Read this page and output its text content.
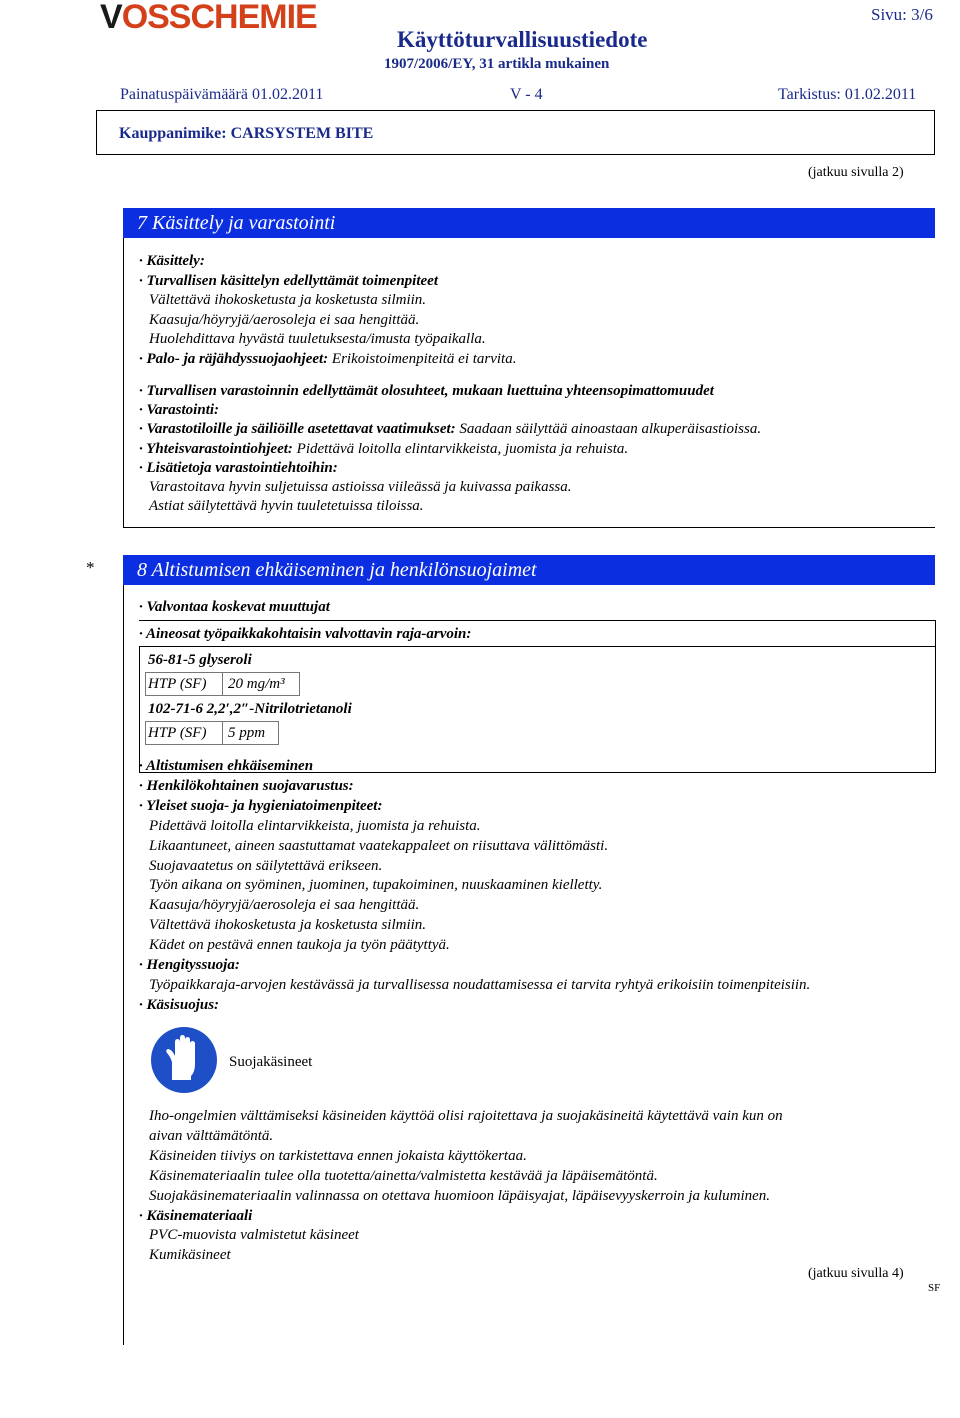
VOSSCHEMIE
Käyttöturvallisuustiedote
1907/2006/EY, 31 artikla mukainen
Sivu: 3/6
Painatuspäivämäärä 01.02.2011	V - 4	Tarkistus: 01.02.2011
Kauppanimike: CARSYSTEM BITE
(jatkuu sivulla 2)
7 Käsittely ja varastointi
· Käsittely:
· Turvallisen käsittelyn edellyttämät toimenpiteet
Vältettävä ihokosketusta ja kosketusta silmiin.
Kaasuja/höyryjä/aerosoleja ei saa hengittää.
Huolehdittava hyvästä tuuletuksesta/imusta työpaikalla.
· Palo- ja räjähdyssuojaohjeet: Erikoistoimenpiteitä ei tarvita.
· Turvallisen varastoinnin edellyttämät olosuhteet, mukaan luettuina yhteensopimattomuudet
· Varastointi:
· Varastotiloille ja säiliöille asetettavat vaatimukset: Saadaan säilyttää ainoastaan alkuperäisastioissa.
· Yhteisvarastointiohjeet: Pidettävä loitolla elintarvikkeista, juomista ja rehuista.
· Lisätietoja varastointiehtoihin:
Varastoitava hyvin suljetuissa astioissa viileässä ja kuivassa paikassa.
Astiat säilytettävä hyvin tuuletetuissa tiloissa.
*	8 Altistumisen ehkäiseminen ja henkilönsuojaimet
· Valvontaa koskevat muuttujat
· Aineosat työpaikkakohtaisin valvottavin raja-arvoin:
56-81-5 glyseroli
HTP (SF) 20 mg/m³
102-71-6 2,2′,2″-Nitrilotrietanoli
HTP (SF) 5 ppm
· Altistumisen ehkäiseminen
· Henkilökohtainen suojavarustus:
· Yleiset suoja- ja hygieniatoimenpiteet:
Pidettävä loitolla elintarvikkeista, juomista ja rehuista.
Likaantuneet, aineen saastuttamat vaatekappaleet on riisuttava välittömästi.
Suojavaatetus on säilytettävä erikseen.
Työn aikana on syöminen, juominen, tupakoiminen, nuuskaaminen kielletty.
Kaasuja/höyryjä/aerosoleja ei saa hengittää.
Vältettävä ihokosketusta ja kosketusta silmiin.
Kädet on pestävä ennen taukoja ja työn päätyttyä.
· Hengityssuoja:
Työpaikkaraja-arvojen kestävässä ja turvallisessa noudattamisessa ei tarvita ryhtyä erikoisiin toimenpiteisiin.
· Käsisuojus:
Suojakäsineet
Iho-ongelmien välttämiseksi käsineiden käyttöä olisi rajoitettava ja suojakäsineitä käytettävä vain kun on
aivan välttämätöntä.
Käsineiden tiiviys on tarkistettava ennen jokaista käyttökertaa.
Käsinemateriaalin tulee olla tuotetta/ainetta/valmistetta kestävää ja läpäisemätöntä.
Suojakäsinemateriaalin valinnassa on otettava huomioon läpäisyajat, läpäisevyyskerroin ja kuluminen.
· Käsinemateriaali
PVC-muovista valmistetut käsineet
Kumikäsineet
(jatkuu sivulla 4)
SF
